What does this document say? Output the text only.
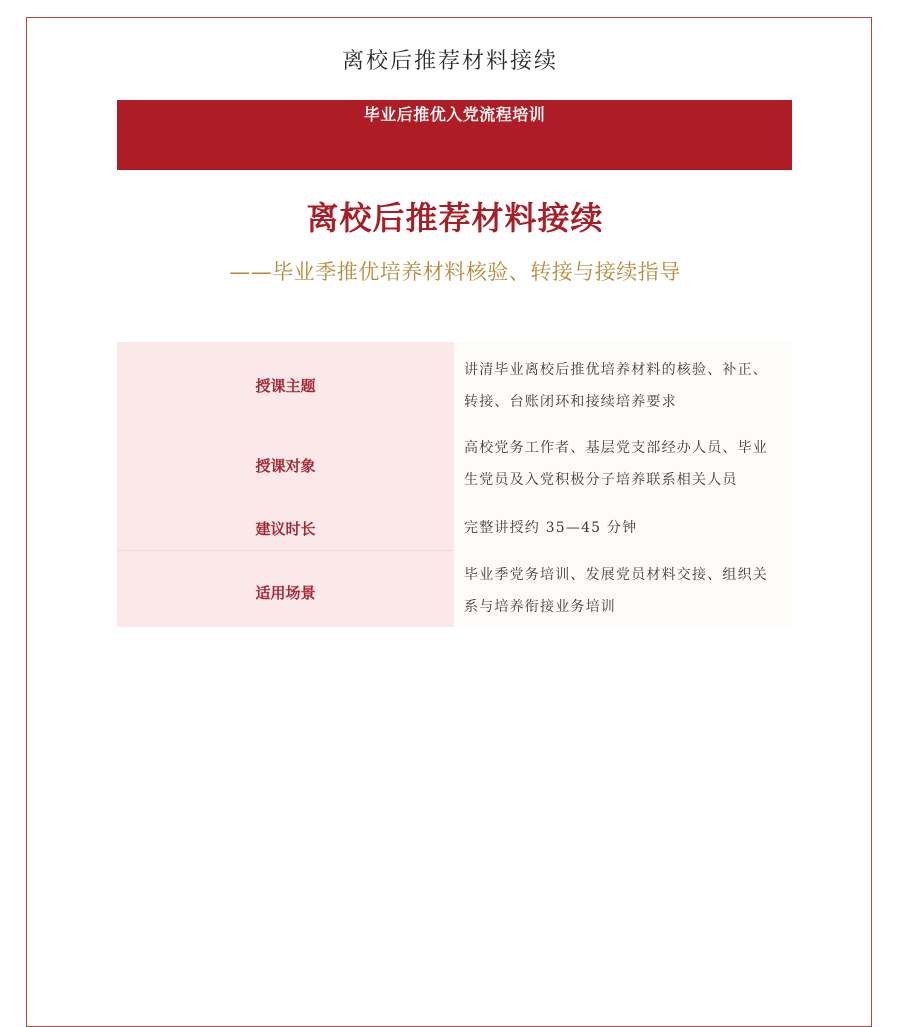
离校后推荐材料接续
毕业后推优入党流程培训
离校后推荐材料接续
——毕业季推优培养材料核验、转接与接续指导
授课主题
讲清毕业离校后推优培养材料的核验、补正、转接、台账闭环和接续培养要求
授课对象
高校党务工作者、基层党支部经办人员、毕业生党员及入党积极分子培养联系相关人员
建议时长	完整讲授约 35—45 分钟
适用场景
毕业季党务培训、发展党员材料交接、组织关系与培养衔接业务培训
